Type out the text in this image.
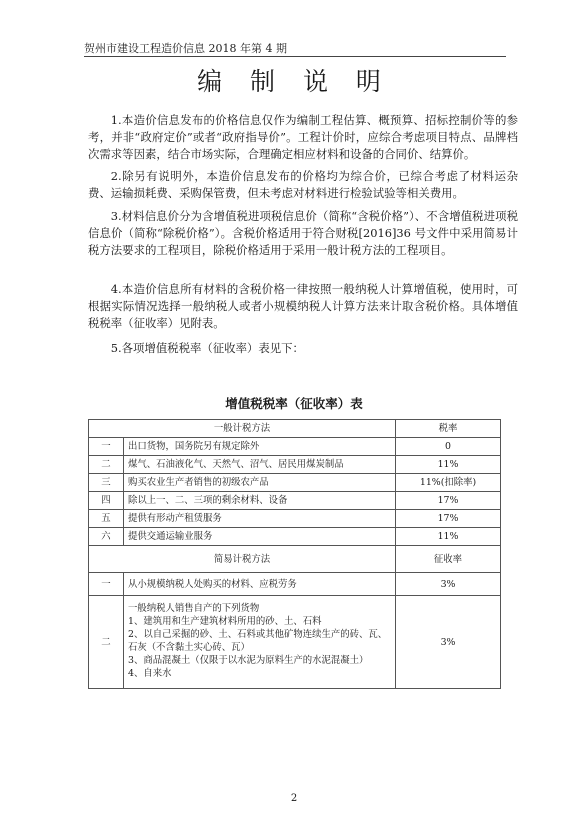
贺州市建设工程造价信息 2018 年第 4 期
编 制 说 明

1.本造价信息发布的价格信息仅作为编制工程估算、概预算、招标控制价等的参考，并非“政府定价”或者“政府指导价”。工程计价时，应综合考虑项目特点、品牌档次需求等因素，结合市场实际，合理确定相应材料和设备的合同价、结算价。

2.除另有说明外，本造价信息发布的价格均为综合价，已综合考虑了材料运杂费、运输损耗费、采购保管费，但未考虑对材料进行检验试验等相关费用。

3.材料信息价分为含增值税进项税信息价（简称“含税价格”）、不含增值税进项税信息价（简称“除税价格”）。含税价格适用于符合财税[2016]36 号文件中采用简易计税方法要求的工程项目，除税价格适用于采用一般计税方法的工程项目。

4.本造价信息所有材料的含税价格一律按照一般纳税人计算增值税，使用时，可根据实际情况选择一般纳税人或者小规模纳税人计算方法来计取含税价格。具体增值税税率（征收率）见附表。

5.各项增值税税率（征收率）表见下：

增值税税率（征收率）表
一般计税方法		税率
一	出口货物，国务院另有规定除外	0
二	煤气、石油液化气、天然气、沼气、居民用煤炭制品	11%
三	购买农业生产者销售的初级农产品	11%(扣除率)
四	除以上一、二、三项的剩余材料、设备	17%
五	提供有形动产租赁服务	17%
六	提供交通运输业服务	11%
简易计税方法		征收率
一	从小规模纳税人处购买的材料、应税劳务	3%
二	一般纳税人销售自产的下列货物
1、建筑用和生产建筑材料所用的砂、土、石料
2、以自己采掘的砂、土、石料或其他矿物连续生产的砖、瓦、石灰（不含黏土实心砖、瓦）
3、商品混凝土（仅限于以水泥为原料生产的水泥混凝土）
4、自来水	3%
2
